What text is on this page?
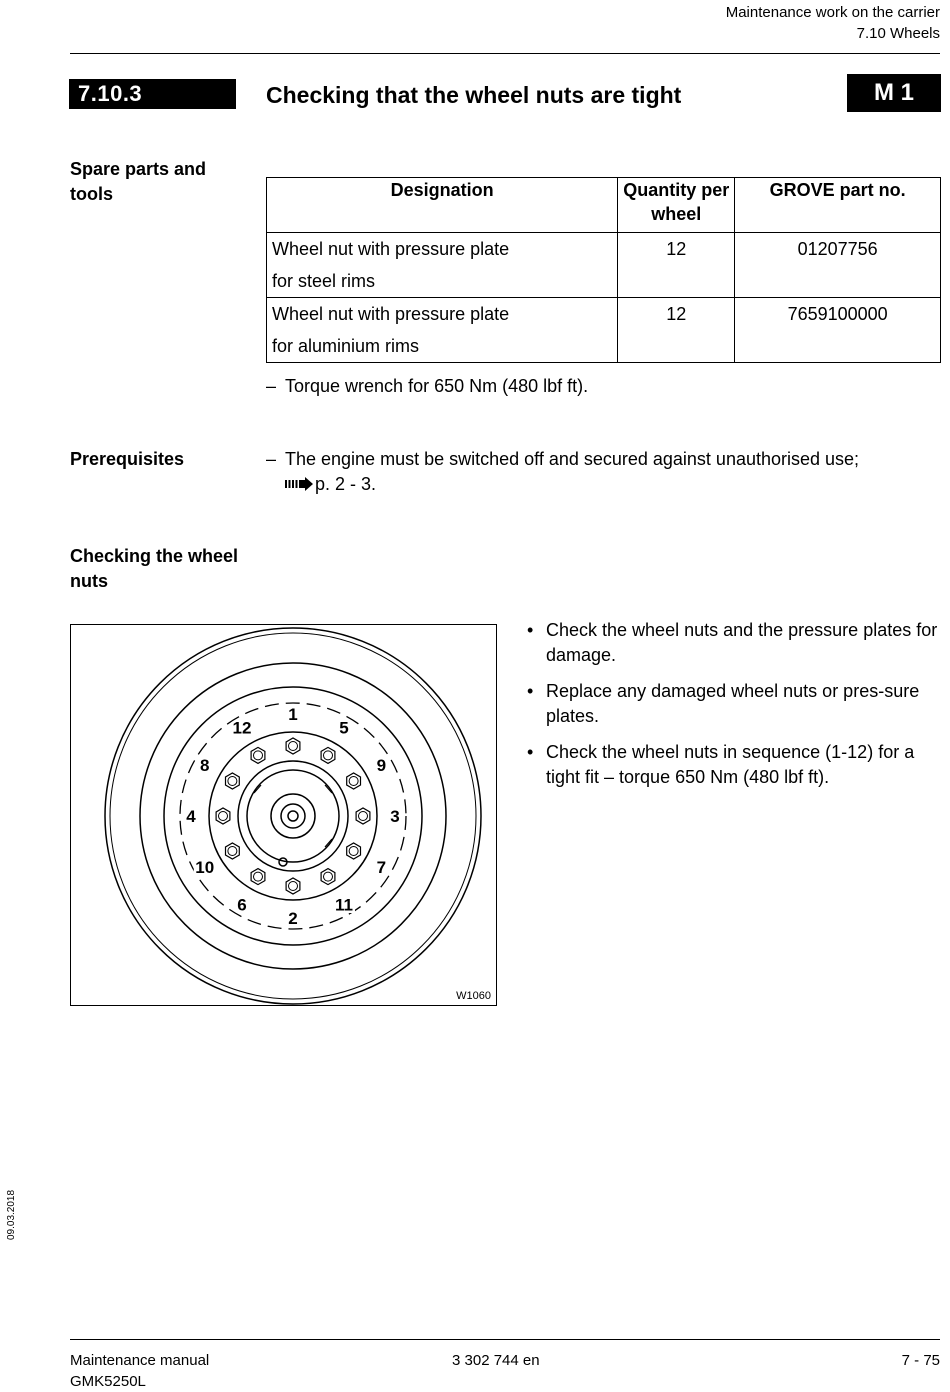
Maintenance work on the carrier
7.10 Wheels
7.10.3	Checking that the wheel nuts are tight	M 1
Spare parts and tools	Designation	Quantity per wheel	GROVE part no.

Wheel nut with pressure plate
for steel rims	12	01207756

Wheel nut with pressure plate
for aluminium rims	12	7659100000
– Torque wrench for 650 Nm (480 lbf ft).
Prerequisites	– The engine must be switched off and secured against unauthorised use;
p. 2 - 3.
Checking the wheel nuts
1
5
9
3
7
11
2
6
10
4
8
12
W1060
• Check the wheel nuts and the pressure plates for damage.
• Replace any damaged wheel nuts or pres-sure plates.
• Check the wheel nuts in sequence (1-12) for a tight fit – torque 650 Nm (480 lbf ft).
09.03.2018
Maintenance manual
GMK5250L
3 302 744 en	7 - 75
